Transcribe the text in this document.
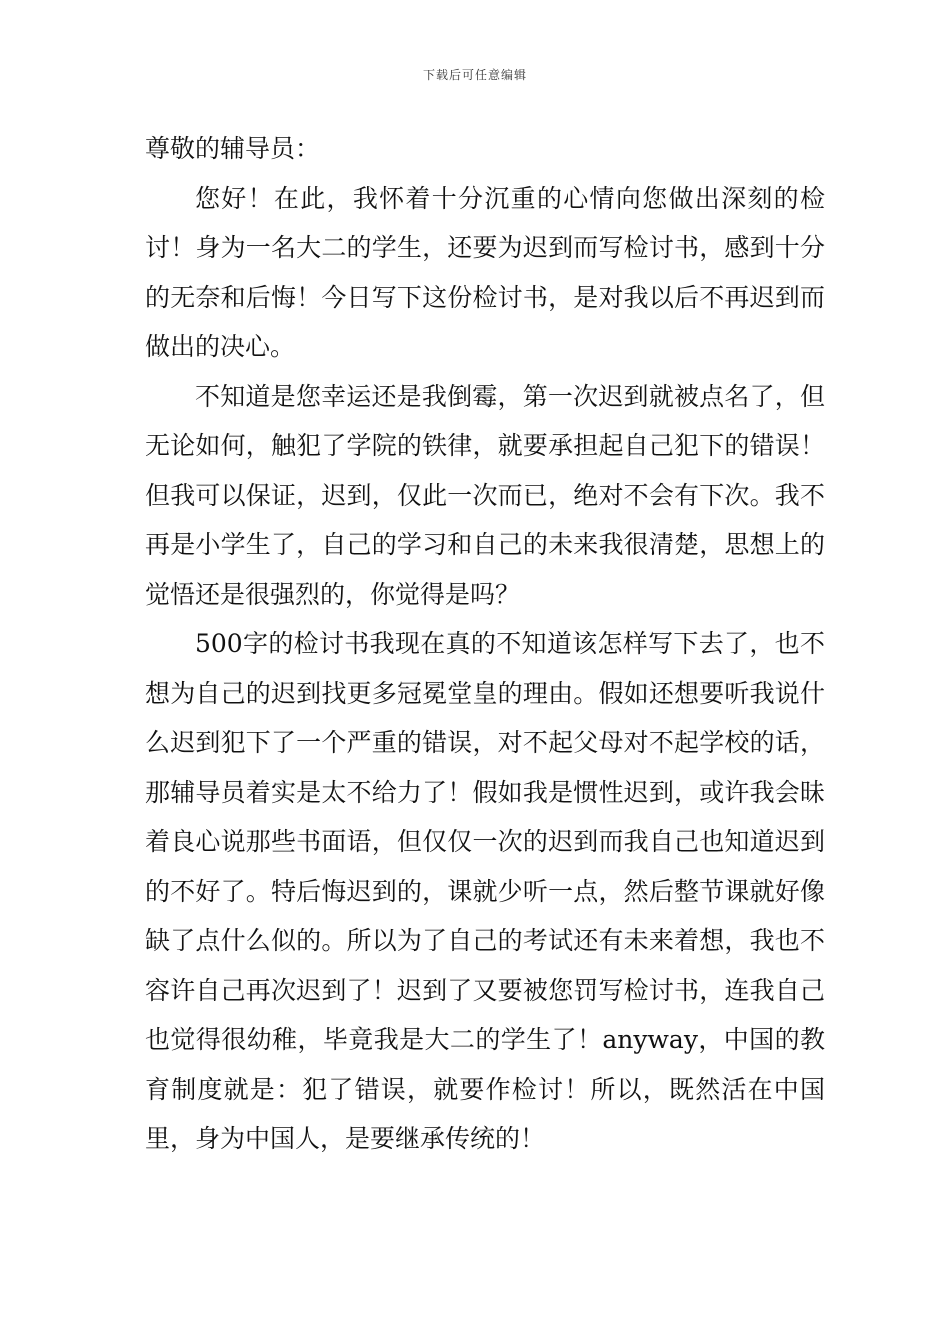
下载后可任意编辑

尊敬的辅导员：

您好！在此，我怀着十分沉重的心情向您做出深刻的检讨！身为一名大二的学生，还要为迟到而写检讨书，感到十分的无奈和后悔！今日写下这份检讨书，是对我以后不再迟到而做出的决心。

不知道是您幸运还是我倒霉，第一次迟到就被点名了，但无论如何，触犯了学院的铁律，就要承担起自己犯下的错误！但我可以保证，迟到，仅此一次而已，绝对不会有下次。我不再是小学生了，自己的学习和自己的未来我很清楚，思想上的觉悟还是很强烈的，你觉得是吗？

500字的检讨书我现在真的不知道该怎样写下去了，也不想为自己的迟到找更多冠冕堂皇的理由。假如还想要听我说什么迟到犯下了一个严重的错误，对不起父母对不起学校的话，那辅导员着实是太不给力了！假如我是惯性迟到，或许我会昧着良心说那些书面语，但仅仅一次的迟到而我自己也知道迟到的不好了。特后悔迟到的，课就少听一点，然后整节课就好像缺了点什么似的。所以为了自己的考试还有未来着想，我也不容许自己再次迟到了！迟到了又要被您罚写检讨书，连我自己也觉得很幼稚，毕竟我是大二的学生了！anyway，中国的教育制度就是：犯了错误，就要作检讨！所以，既然活在中国里，身为中国人，是要继承传统的！
